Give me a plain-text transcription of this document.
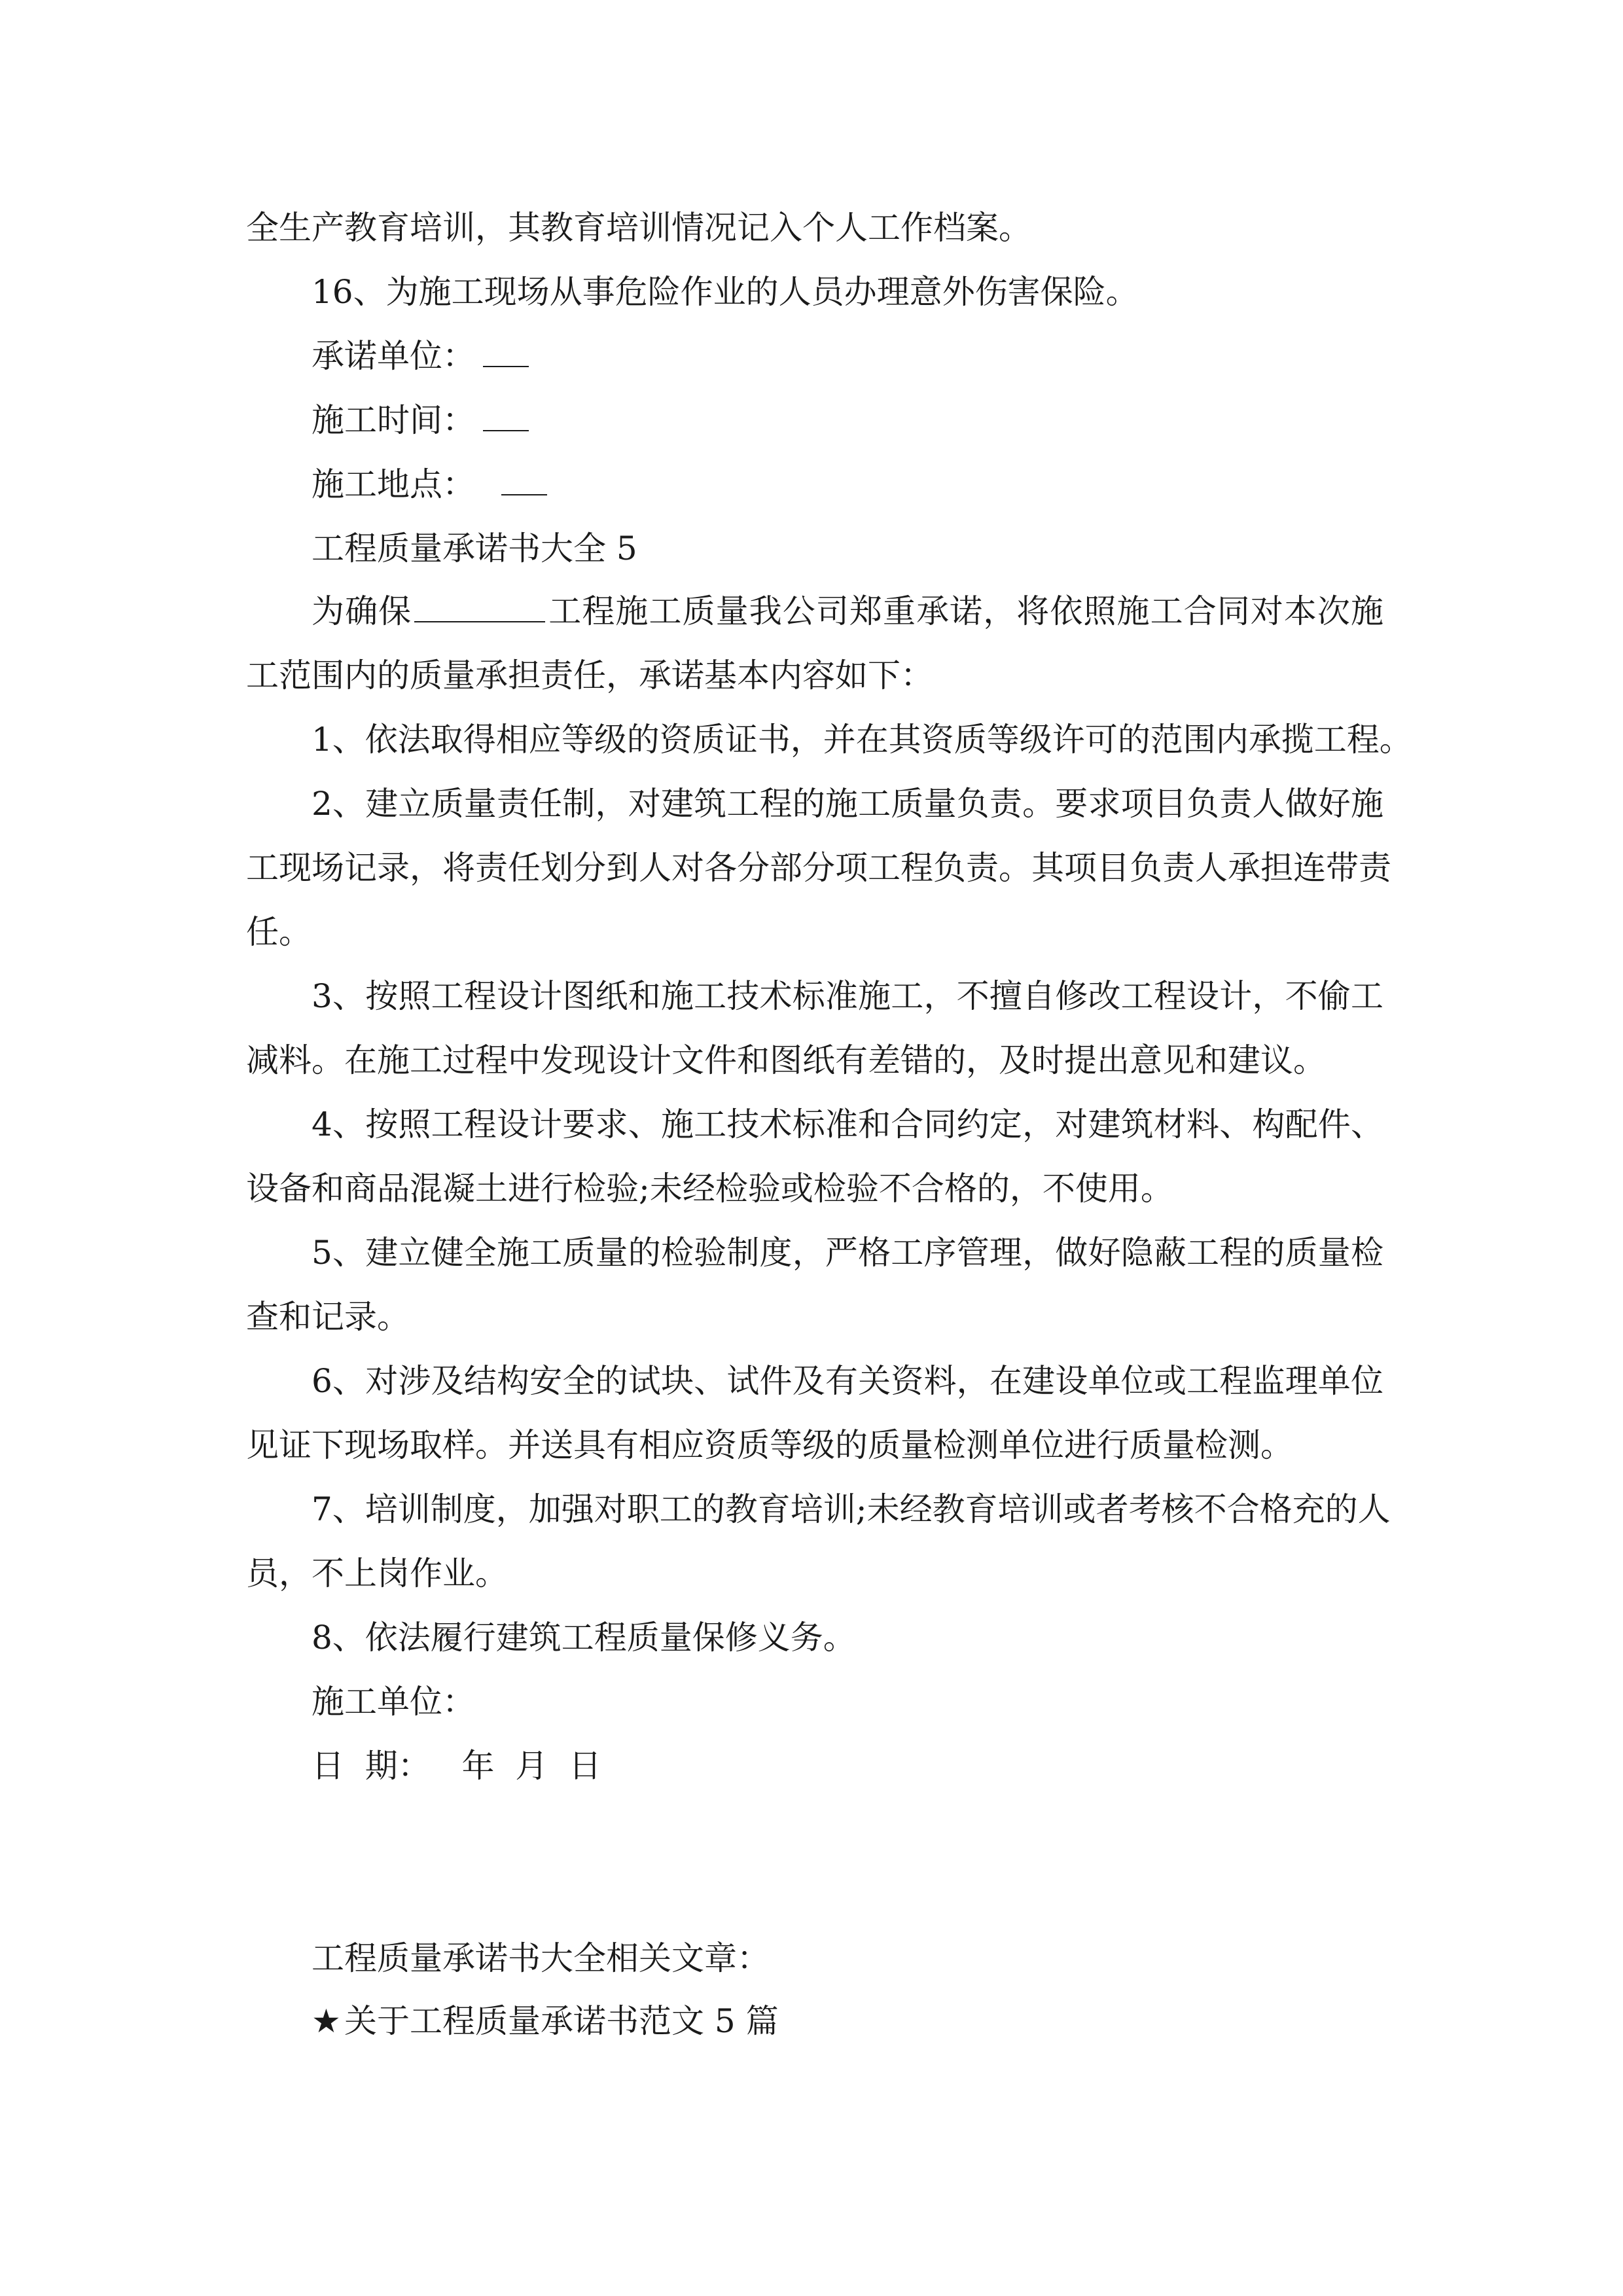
全生产教育培训，其教育培训情况记入个人工作档案。
16、为施工现场从事危险作业的人员办理意外伤害保险。
承诺单位：
施工时间：
施工地点：
工程质量承诺书大全 5
为确保	工程施工质量我公司郑重承诺，将依照施工合同对本次施
工范围内的质量承担责任，承诺基本内容如下：
1、依法取得相应等级的资质证书，并在其资质等级许可的范围内承揽工程。
2、建立质量责任制，对建筑工程的施工质量负责。要求项目负责人做好施
工现场记录，将责任划分到人对各分部分项工程负责。其项目负责人承担连带责
任。
3、按照工程设计图纸和施工技术标准施工，不擅自修改工程设计，不偷工
减料。在施工过程中发现设计文件和图纸有差错的，及时提出意见和建议。
4、按照工程设计要求、施工技术标准和合同约定，对建筑材料、构配件、
设备和商品混凝土进行检验;未经检验或检验不合格的，不使用。
5、建立健全施工质量的检验制度，严格工序管理，做好隐蔽工程的质量检
查和记录。
6、对涉及结构安全的试块、试件及有关资料，在建设单位或工程监理单位
见证下现场取样。并送具有相应资质等级的质量检测单位进行质量检测。
7、培训制度，加强对职工的教育培训;未经教育培训或者考核不合格充的人
员，不上岗作业。
8、依法履行建筑工程质量保修义务。
施工单位：
日  期：   年  月  日
工程质量承诺书大全相关文章：
★ 关于工程质量承诺书范文 5 篇
